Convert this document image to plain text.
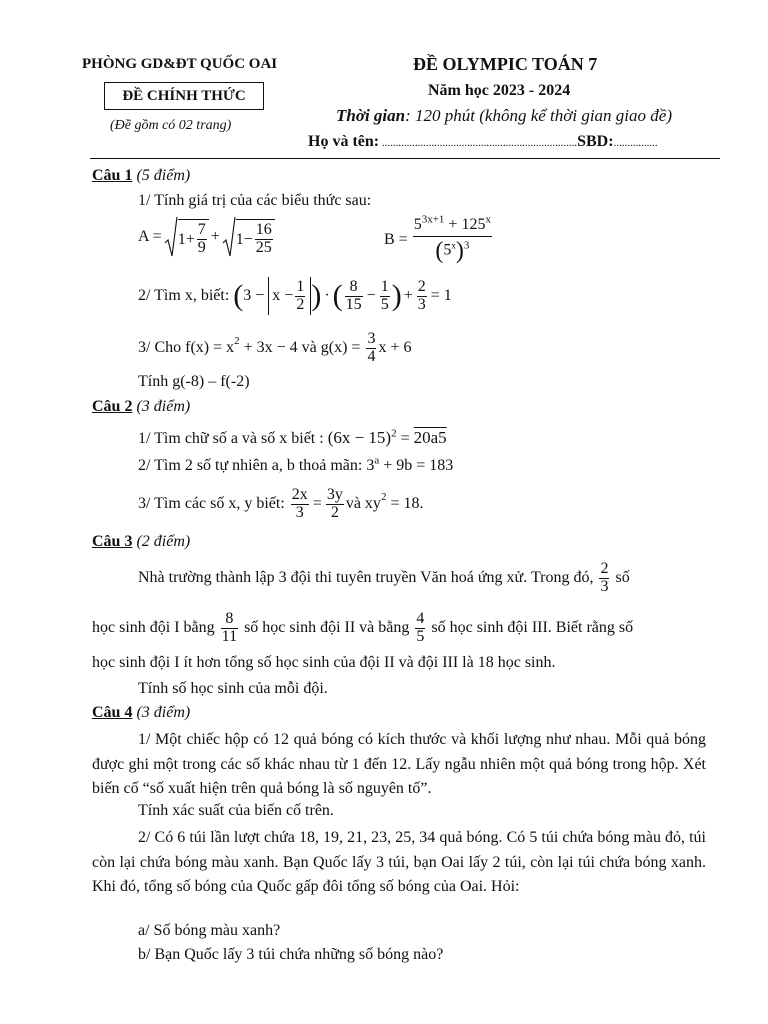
PHÒNG GD&ĐT QUỐC OAI
ĐỀ CHÍNH THỨC
(Đề gồm có 02 trang)
ĐỀ OLYMPIC TOÁN 7
Năm học 2023 - 2024
Thời gian: 120 phút (không kể thời gian giao đề)
Họ và tên: .......................................................................SBD:................
Câu 1 (5 điểm)
1/ Tính giá trị của các biểu thức sau:
$A = 1+ \frac{7}{9} + 1- \frac{16}{25}$	$B = \frac{5^{3x+1} + 125^x}{(5^x)^3}$
2/ Tìm x, biết: ( $3 - x - \frac{1}{2}$ ) · ( $\frac{8}{15} - \frac{1}{5}$ ) + $\frac{2}{3} = 1$
3/ Cho f(x) = x 2 + 3x − 4 và $g(x) = \frac{3}{4}$ x + 6
Tính g(-8) – f(-2)
Câu 2 (3 điểm)
1/ Tìm chữ số a và số x biết : $(6x - 15)^2 = 20a5$
2/ Tìm 2 số tự nhiên a, b thoả mãn: $3^a + 9b = 183$
3/ Tìm các số x, y biết: $\frac{2x}{3} = \frac{3y}{2}$ và xy 2 = 18.
Câu 3 (2 điểm)
Nhà trường thành lập 3 đội thi tuyên truyền Văn hoá ứng xử. Trong đó, $\frac{2}{3}$ số
học sinh đội I bằng $\frac{8}{11}$ số học sinh đội II và bằng $\frac{4}{5}$ số học sinh đội III. Biết rằng số
học sinh đội I ít hơn tổng số học sinh của đội II và đội III là 18 học sinh.
Tính số học sinh của mỗi đội.
Câu 4 (3 điểm)
1/ Một chiếc hộp có 12 quả bóng có kích thước và khối lượng như nhau. Mỗi quả bóng được ghi một trong các số khác nhau từ 1 đến 12. Lấy ngẫu nhiên một quả bóng trong hộp. Xét biến cố “số xuất hiện trên quả bóng là số nguyên tố”.
Tính xác suất của biến cố trên.
2/ Có 6 túi lần lượt chứa 18, 19, 21, 23, 25, 34 quả bóng. Có 5 túi chứa bóng màu đỏ, túi còn lại chứa bóng màu xanh. Bạn Quốc lấy 3 túi, bạn Oai lấy 2 túi, còn lại túi chứa bóng xanh. Khi đó, tổng số bóng của Quốc gấp đôi tổng số bóng của Oai. Hỏi:
a/ Số bóng màu xanh?
b/ Bạn Quốc lấy 3 túi chứa những số bóng nào?
